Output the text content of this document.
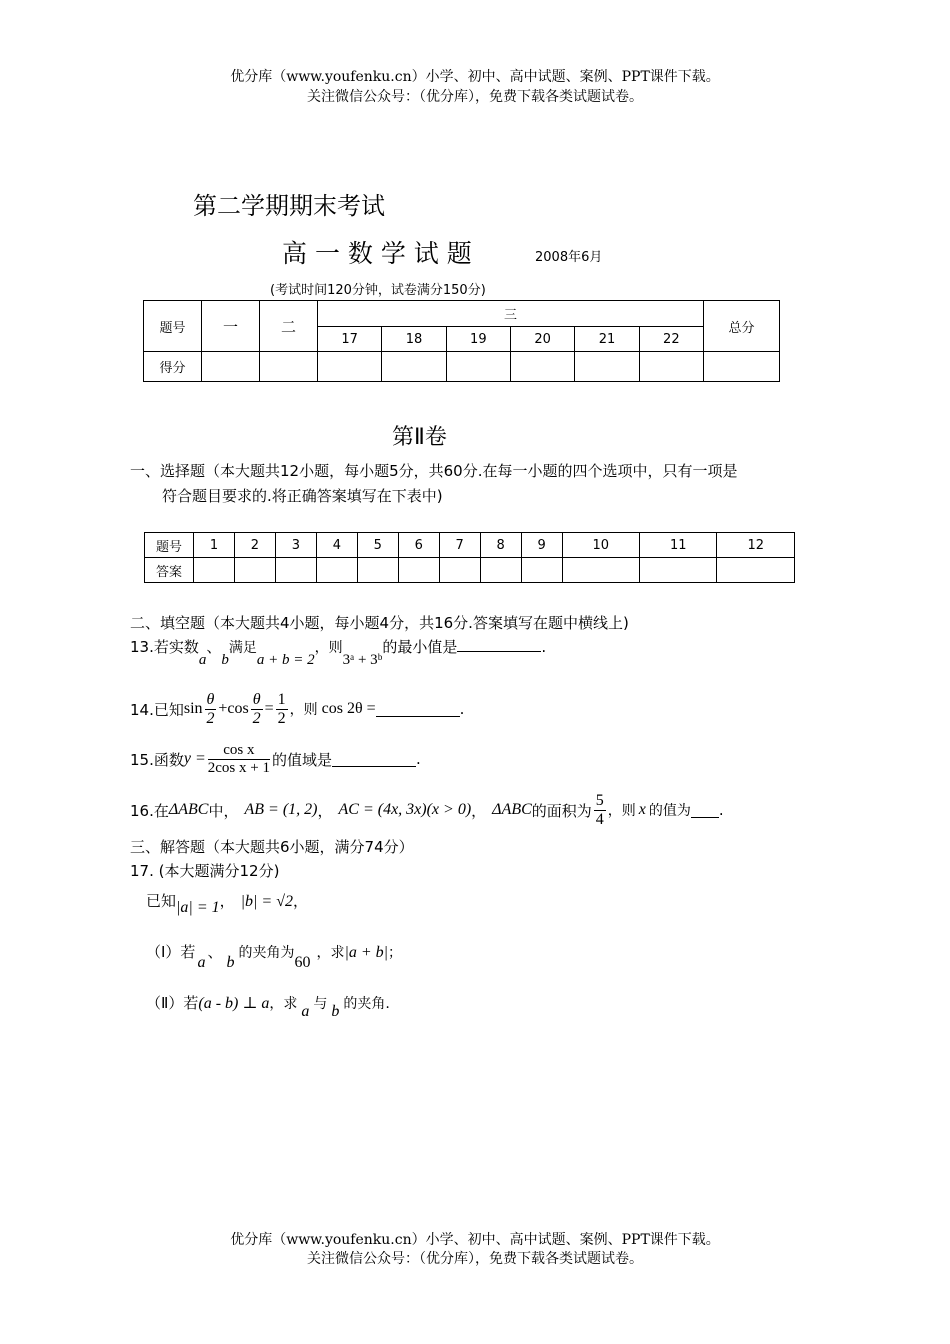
优分库（www.youfenku.cn）小学、初中、高中试题、案例、PPT课件下载。
关注微信公众号：（优分库），免费下载各类试题试卷。
第二学期期末考试
高 一 数 学 试 题	2008年6月
(考试时间120分钟，试卷满分150分)
题号	一	二	三						总分
			17	18	19	20	21	22	
得分									
第Ⅱ卷
一、选择题（本大题共12小题，每小题5分，共60分.在每一小题的四个选项中，只有一项是
符合题目要求的.将正确答案填写在下表中)
题号	1	2	3	4	5	6	7	8	9	10	11	12
答案												
二、填空题（本大题共4小题，每小题4分，共16分.答案填写在题中横线上)
13.若实数a、b满足a + b = 2，则3ᵃ + 3ᵇ的最小值是	.
14.已知 $\sin \frac{\theta}{2} + \cos \frac{\theta}{2} = \frac{1}{2}$ ，则 cos 2θ =	.
15.函数 $y = \frac{\text{cos x}}{\text{2cos x + 1}}$ 的值域是	.
16.在 ΔABC 中， AB = (1, 2) ， AC = (4x, 3x)(x > 0) ， ΔABC 的面积为 $\frac{5}{4}$ ，则 x 的值为 .
三、解答题（本大题共6小题，满分74分）
17. (本大题满分12分)
已知|a| = 1， |b| = √2，
（Ⅰ）若a、b的夹角为60，求|a + b|；
（Ⅱ）若(a - b) ⊥ a，求 a 与 b 的夹角.
优分库（www.youfenku.cn）小学、初中、高中试题、案例、PPT课件下载。
关注微信公众号：（优分库），免费下载各类试题试卷。
